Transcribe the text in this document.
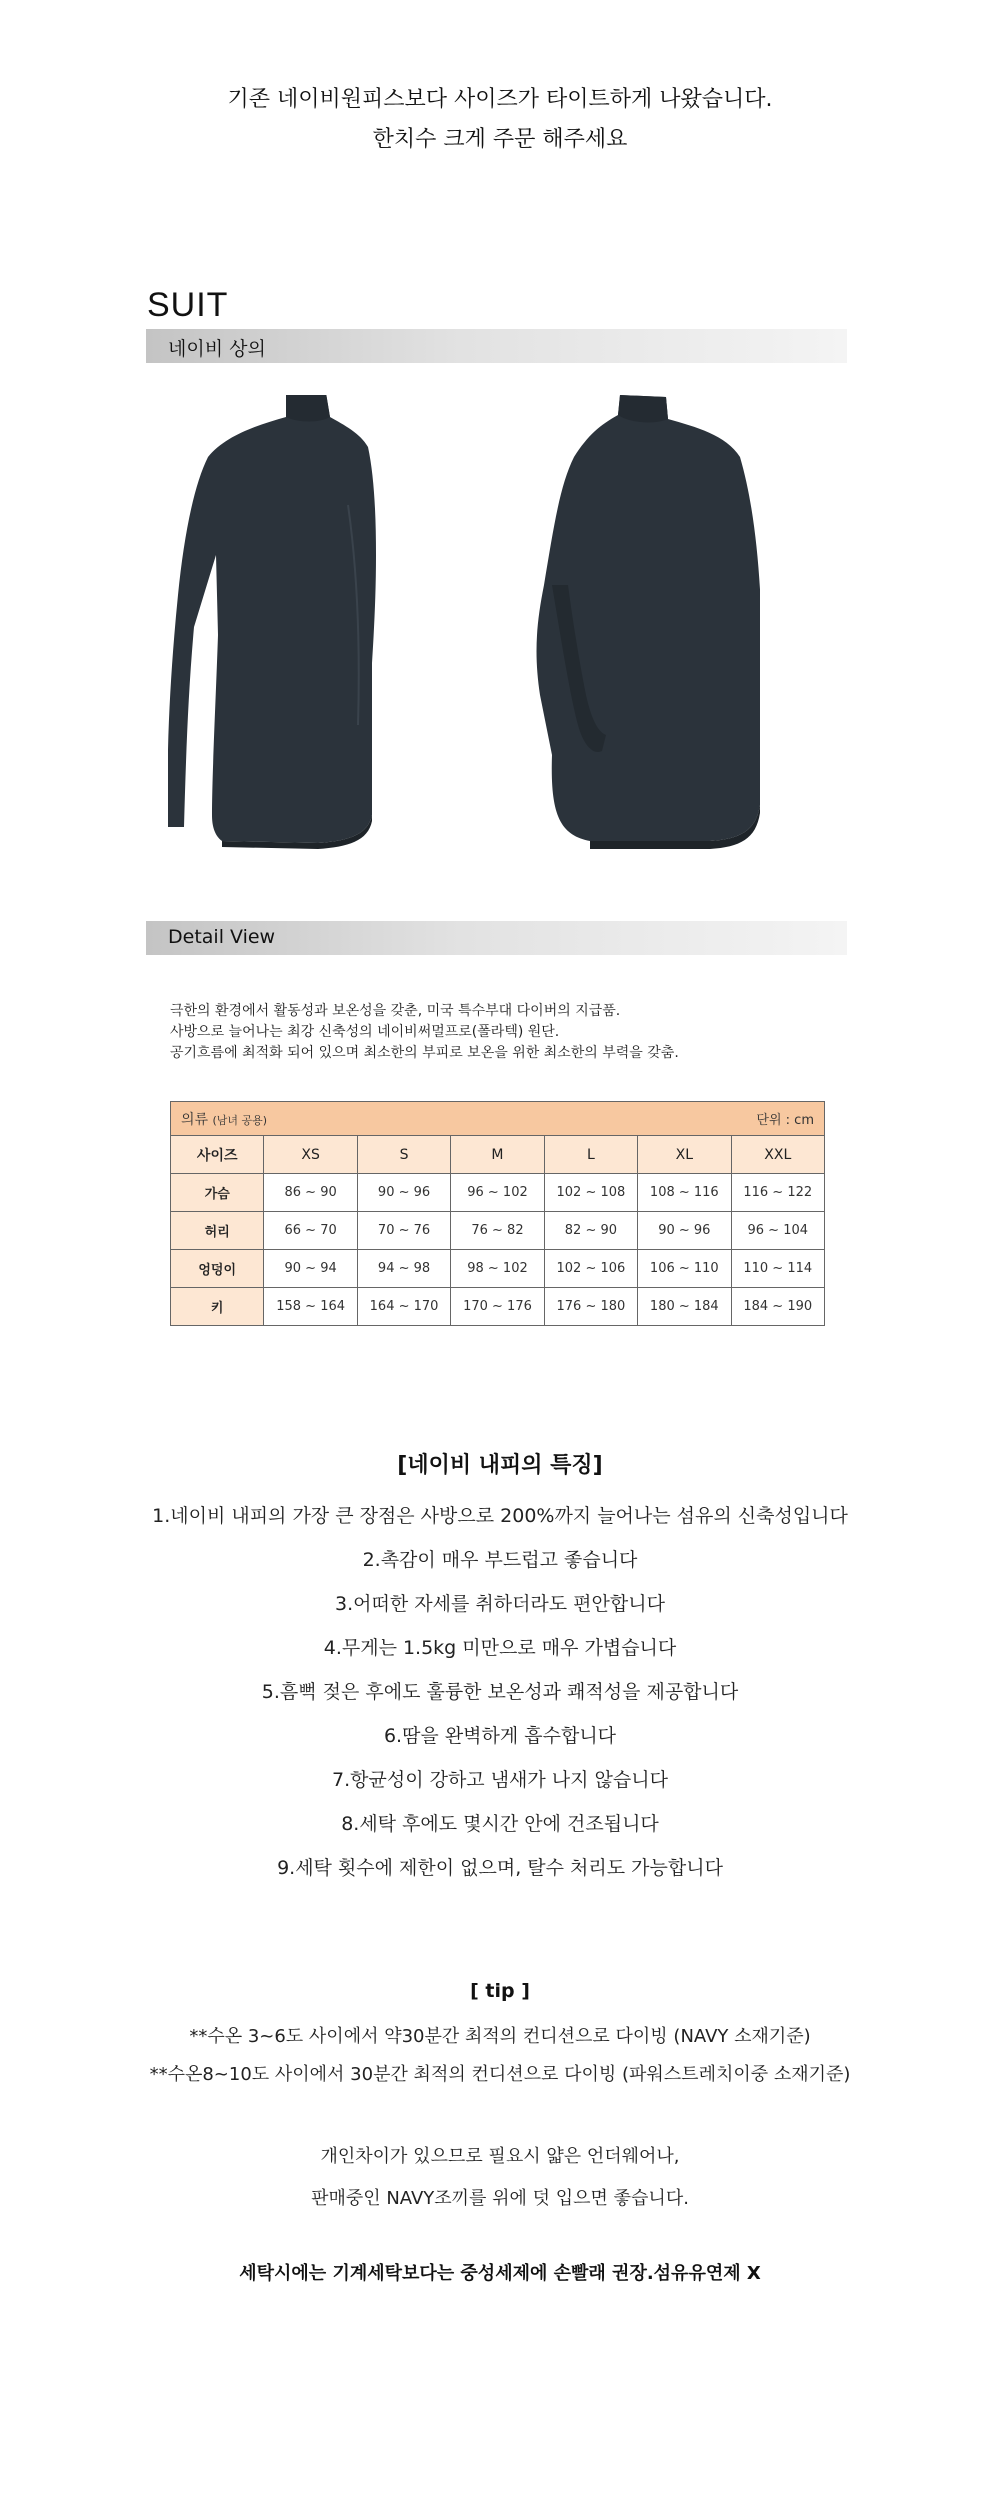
기존 네이비원피스보다 사이즈가 타이트하게 나왔습니다.
한치수 크게 주문 해주세요
SUIT
네이비 상의
Detail View
극한의 환경에서 활동성과 보온성을 갖춘, 미국 특수부대 다이버의 지급품.
사방으로 늘어나는 최강 신축성의 네이비써멀프로(폴라텍) 원단.
공기흐름에 최적화 되어 있으며 최소한의 부피로 보온을 위한 최소한의 부력을 갖춤.
의류 (남녀 공용) 단위 : cm						

사이즈	XS	S	M	L	XL	XXL
가슴	86 ~ 90	90 ~ 96	96 ~ 102	102 ~ 108	108 ~ 116	116 ~ 122
허리	66 ~ 70	70 ~ 76	76 ~ 82	82 ~ 90	90 ~ 96	96 ~ 104
엉덩이	90 ~ 94	94 ~ 98	98 ~ 102	102 ~ 106	106 ~ 110	110 ~ 114
키	158 ~ 164	164 ~ 170	170 ~ 176	176 ~ 180	180 ~ 184	184 ~ 190
[네이비 내피의 특징]
1.네이비 내피의 가장 큰 장점은 사방으로 200%까지 늘어나는 섬유의 신축성입니다
2.촉감이 매우 부드럽고 좋습니다
3.어떠한 자세를 취하더라도 편안합니다
4.무게는 1.5kg 미만으로 매우 가볍습니다
5.흠뻑 젖은 후에도 훌륭한 보온성과 쾌적성을 제공합니다
6.땀을 완벽하게 흡수합니다
7.항균성이 강하고 냄새가 나지 않습니다
8.세탁 후에도 몇시간 안에 건조됩니다
9.세탁 횟수에 제한이 없으며, 탈수 처리도 가능합니다
[ tip ]
**수온 3~6도 사이에서 약30분간 최적의 컨디션으로 다이빙 (NAVY 소재기준)
**수온8~10도 사이에서 30분간 최적의 컨디션으로 다이빙 (파워스트레치이중 소재기준)
개인차이가 있으므로 필요시 얇은 언더웨어나,
판매중인 NAVY조끼를 위에 덧 입으면 좋습니다.
세탁시에는 기계세탁보다는 중성세제에 손빨래 권장.섬유유연제 X
